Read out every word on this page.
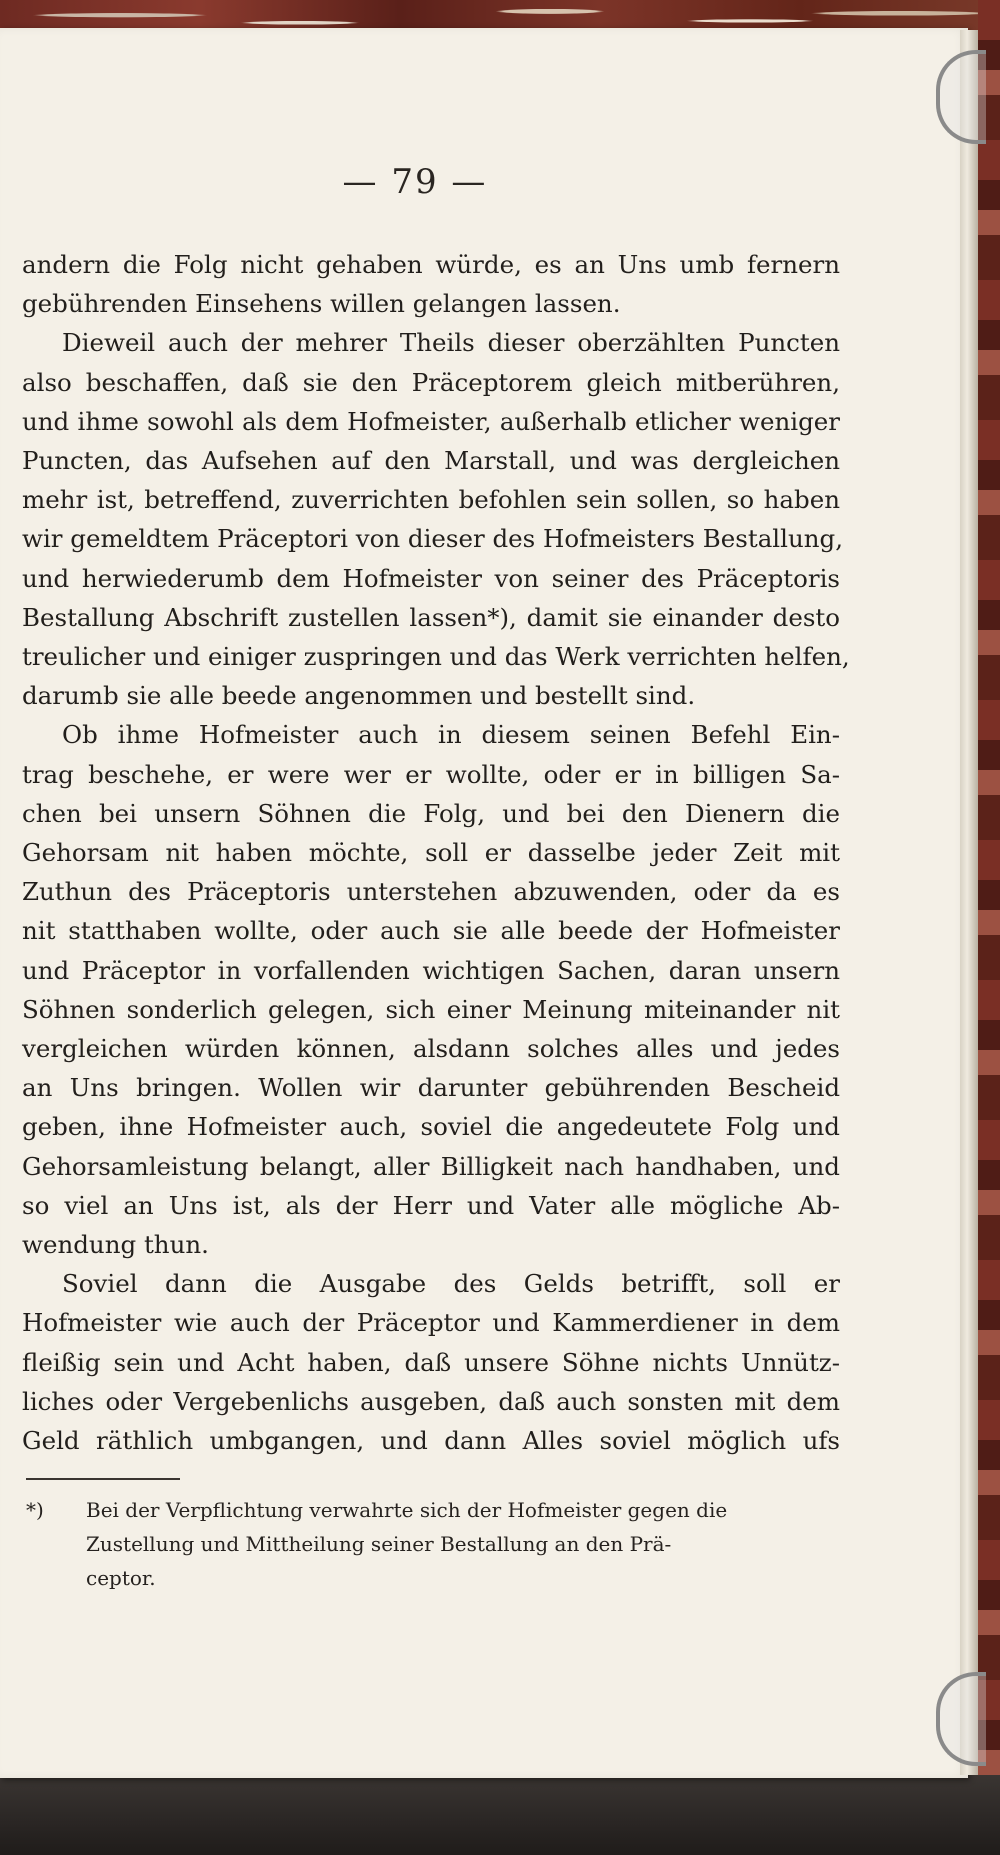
— 79 —
andern die Folg nicht gehaben würde, es an Uns umb fernern
gebührenden Einsehens willen gelangen lassen.
Dieweil auch der mehrer Theils dieser oberzählten Puncten
also beschaffen, daß sie den Präceptorem gleich mitberühren,
und ihme sowohl als dem Hofmeister, außerhalb etlicher weniger
Puncten, das Aufsehen auf den Marstall, und was dergleichen
mehr ist, betreffend, zuverrichten befohlen sein sollen, so haben
wir gemeldtem Präceptori von dieser des Hofmeisters Bestallung,
und herwiederumb dem Hofmeister von seiner des Präceptoris
Bestallung Abschrift zustellen lassen*), damit sie einander desto
treulicher und einiger zuspringen und das Werk verrichten helfen,
darumb sie alle beede angenommen und bestellt sind.
Ob ihme Hofmeister auch in diesem seinen Befehl Ein-
trag beschehe, er were wer er wollte, oder er in billigen Sa-
chen bei unsern Söhnen die Folg, und bei den Dienern die
Gehorsam nit haben möchte, soll er dasselbe jeder Zeit mit
Zuthun des Präceptoris unterstehen abzuwenden, oder da es
nit statthaben wollte, oder auch sie alle beede der Hofmeister
und Präceptor in vorfallenden wichtigen Sachen, daran unsern
Söhnen sonderlich gelegen, sich einer Meinung miteinander nit
vergleichen würden können, alsdann solches alles und jedes
an Uns bringen. Wollen wir darunter gebührenden Bescheid
geben, ihne Hofmeister auch, soviel die angedeutete Folg und
Gehorsamleistung belangt, aller Billigkeit nach handhaben, und
so viel an Uns ist, als der Herr und Vater alle mögliche Ab-
wendung thun.
Soviel dann die Ausgabe des Gelds betrifft, soll er
Hofmeister wie auch der Präceptor und Kammerdiener in dem
fleißig sein und Acht haben, daß unsere Söhne nichts Unnütz-
liches oder Vergebenlichs ausgeben, daß auch sonsten mit dem
Geld räthlich umbgangen, und dann Alles soviel möglich ufs
*) Bei der Verpflichtung verwahrte sich der Hofmeister gegen die
Zustellung und Mittheilung seiner Bestallung an den Prä-
ceptor.
